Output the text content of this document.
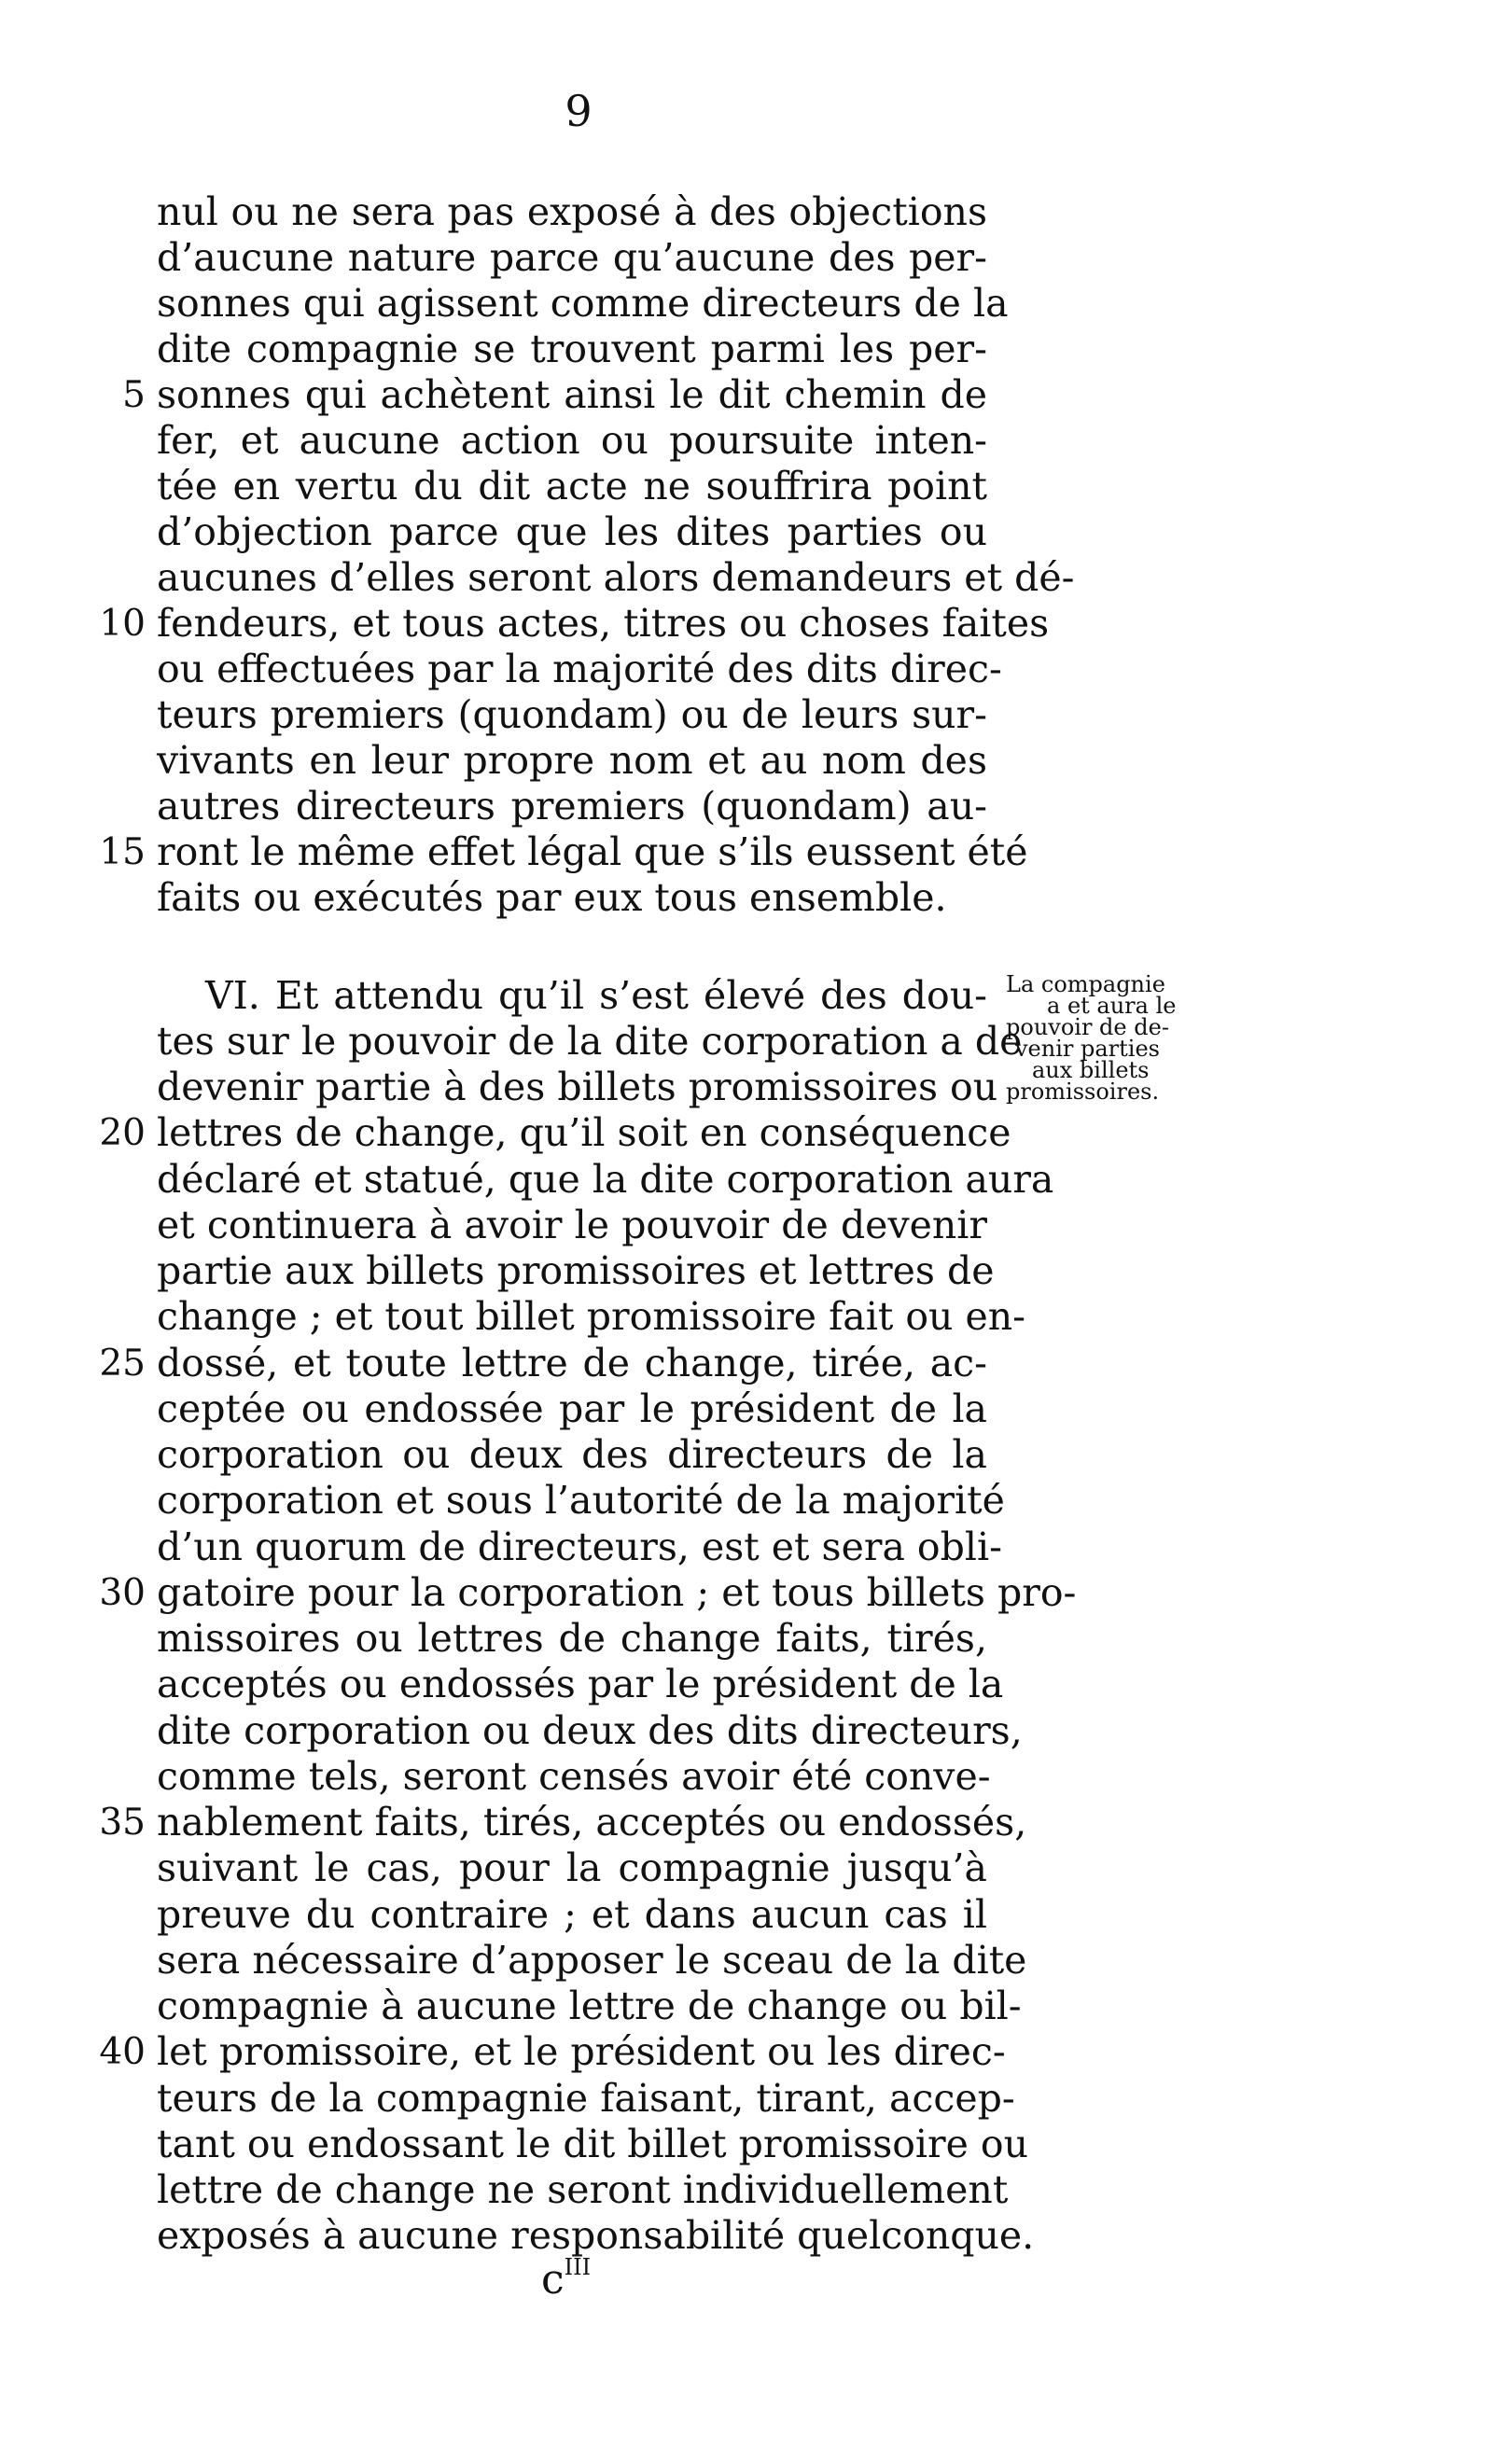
9
nul ou ne sera pas exposé à des objections
d’aucune nature parce qu’aucune des per-
sonnes qui agissent comme directeurs de la
dite compagnie se trouvent parmi les per-
sonnes qui achètent ainsi le dit chemin de
fer, et aucune action ou poursuite inten-
tée en vertu du dit acte ne souffrira point
d’objection parce que les dites parties ou
aucunes d’elles seront alors demandeurs et dé-
fendeurs, et tous actes, titres ou choses faites
ou effectuées par la majorité des dits direc-
teurs premiers (quondam) ou de leurs sur-
vivants en leur propre nom et au nom des
autres directeurs premiers (quondam) au-
ront le même effet légal que s’ils eussent été
faits ou exécutés par eux tous ensemble.
VI. Et attendu qu’il s’est élevé des dou-
tes sur le pouvoir de la dite corporation a de
devenir partie à des billets promissoires ou
lettres de change, qu’il soit en conséquence
déclaré et statué, que la dite corporation aura
et continuera à avoir le pouvoir de devenir
partie aux billets promissoires et lettres de
change ; et tout billet promissoire fait ou en-
dossé, et toute lettre de change, tirée, ac-
ceptée ou endossée par le président de la
corporation ou deux des directeurs de la
corporation et sous l’autorité de la majorité
d’un quorum de directeurs, est et sera obli-
gatoire pour la corporation ; et tous billets pro-
missoires ou lettres de change faits, tirés,
acceptés ou endossés par le président de la
dite corporation ou deux des dits directeurs,
comme tels, seront censés avoir été conve-
nablement faits, tirés, acceptés ou endossés,
suivant le cas, pour la compagnie jusqu’à
preuve du contraire ; et dans aucun cas il
sera nécessaire d’apposer le sceau de la dite
compagnie à aucune lettre de change ou bil-
let promissoire, et le président ou les direc-
teurs de la compagnie faisant, tirant, accep-
tant ou endossant le dit billet promissoire ou
lettre de change ne seront individuellement
exposés à aucune responsabilité quelconque.
5
10
15
20
25
30
35
40
La compagnie
a et aura le
pouvoir de de-
venir parties
aux billets
promissoires.
$c^{III}$
